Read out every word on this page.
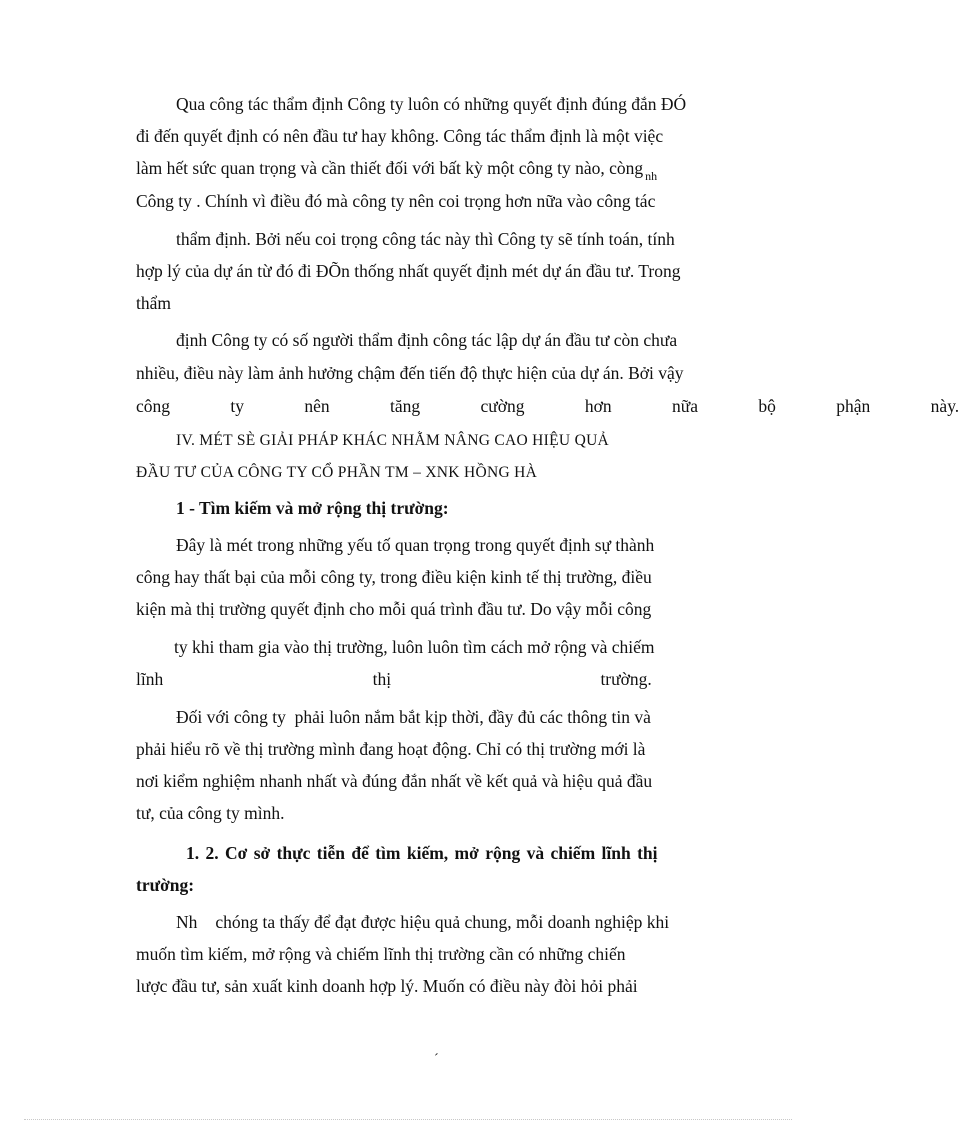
Qua công tác thẩm định Công ty luôn có những quyết định đúng đắn ĐÓ
đi đến quyết định có nên đầu tư hay không. Công tác thẩm định là một việc
làm hết sức quan trọng và cần thiết đối với bất kỳ một công ty nào, còng $_{nh}$
Công ty . Chính vì điều đó mà công ty nên coi trọng hơn nữa vào công tác
thẩm định. Bởi nếu coi trọng công tác này thì Công ty sẽ tính toán, tính
hợp lý của dự án từ đó đi ĐÕn thống nhất quyết định mét dự án đầu tư. Trong
thẩm
định Công ty có số người thẩm định công tác lập dự án đầu tư còn chưa
nhiều, điều này làm ảnh hưởng chậm đến tiến độ thực hiện của dự án. Bởi vậy
công ty nên tăng cường hơn nữa bộ phận này.
IV. MÉT SÈ GIẢI PHÁP KHÁC NHẰM NÂNG CAO HIỆU QUẢ
ĐẦU TƯ CỦA CÔNG TY CỔ PHẦN TM – XNK HỒNG HÀ
1 - Tìm kiếm và mở rộng thị trường:
Đây là mét trong những yếu tố quan trọng trong quyết định sự thành
công hay thất bại của mỗi công ty, trong điều kiện kinh tế thị trường, điều
kiện mà thị trường quyết định cho mỗi quá trình đầu tư. Do vậy mỗi công
ty khi tham gia vào thị trường, luôn luôn tìm cách mở rộng và chiếm
lĩnh thị trường.
Đối với công ty  phải luôn nắm bắt kịp thời, đầy đủ các thông tin và
phải hiểu rõ về thị trường mình đang hoạt động. Chỉ có thị trường mới là
nơi kiểm nghiệm nhanh nhất và đúng đắn nhất về kết quả và hiệu quả đầu
tư, của công ty mình.
1. 2. Cơ sở thực tiễn để tìm kiếm, mở rộng và chiếm lĩnh thị
trường:
Nh chóng ta thấy để đạt được hiệu quả chung, mỗi doanh nghiệp khi
muốn tìm kiếm, mở rộng và chiếm lĩnh thị trường cần có những chiến
lược đầu tư, sản xuất kinh doanh hợp lý. Muốn có điều này đòi hỏi phải
´
